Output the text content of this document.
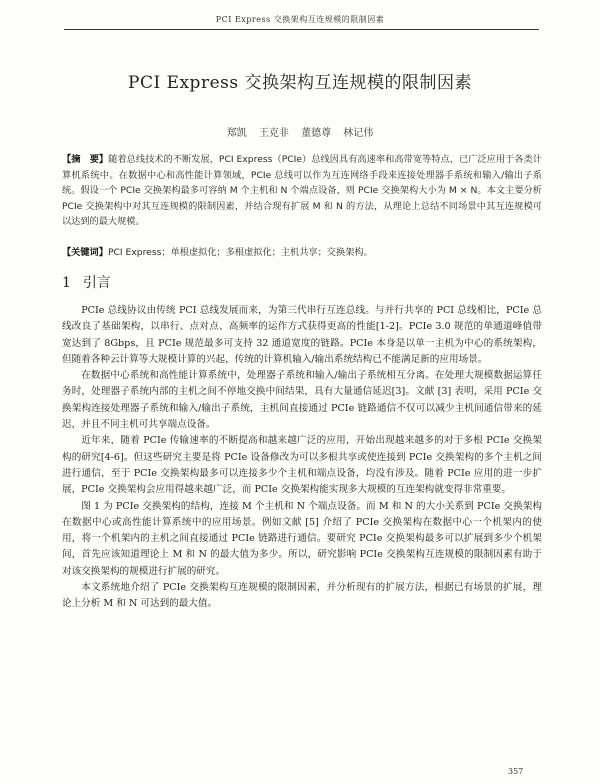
PCI Express 交换架构互连规模的限制因素
PCI Express 交换架构互连规模的限制因素
郑凯 王克非 董德尊 林记伟
【摘　要】随着总线技术的不断发展，PCI Express（PCIe）总线因具有高速率和高带宽等特点，已广泛应用于各类计算机系统中。在数据中心和高性能计算领域，PCIe 总线可以作为互连网络手段来连接处理器手系统和输入/输出子系统。假设一个 PCIe 交换架构最多可容纳 M 个主机和 N 个端点设备，则 PCIe 交换架构大小为 M × N。本文主要分析 PCIe 交换架构中对其互连规模的限制因素，并结合现有扩展 M 和 N 的方法，从理论上总结不同场景中其互连规模可以达到的最大规模。
【关键词】PCI Express；单根虚拟化；多根虚拟化；主机共享；交换架构。
1 引言

PCIe 总线协议由传统 PCI 总线发展而来，为第三代串行互连总线。与并行共享的 PCI 总线相比，PCIe 总线改良了基础架构，以串行、点对点、高频率的运作方式获得更高的性能[1-2]。PCIe 3.0 规范的单通道峰值带宽达到了 8Gbps，且 PCIe 规范最多可支持 32 通道宽度的链路。PCIe 本身是以单一主机为中心的系统架构，但随着各种云计算等大规模计算的兴起，传统的计算机输入/输出系统结构已不能满足新的应用场景。

在数据中心系统和高性能计算系统中，处理器子系统和输入/输出子系统相互分离。在处理大规模数据运算任务时，处理器子系统内部的主机之间不停地交换中间结果，具有大量通信延迟[3]。文献 [3] 表明，采用 PCIe 交换架构连接处理器子系统和输入/输出子系统，主机间直接通过 PCIe 链路通信不仅可以减少主机间通信带来的延迟，并且不同主机可共享端点设备。

近年来，随着 PCIe 传输速率的不断提高和越来越广泛的应用，开始出现越来越多的对于多根 PCIe 交换架构的研究[4-6]。但这些研究主要是将 PCIe 设备修改为可以多根共享或使连接到 PCIe 交换架构的多个主机之间进行通信，至于 PCIe 交换架构最多可以连接多少个主机和端点设备，均没有涉及。随着 PCIe 应用的进一步扩展，PCIe 交换架构会应用得越来越广泛，而 PCIe 交换架构能实现多大规模的互连架构就变得非常重要。

图 1 为 PCIe 交换架构的结构，连接 M 个主机和 N 个端点设备。而 M 和 N 的大小关系到 PCIe 交换架构在数据中心或高性能计算系统中的应用场景。例如文献 [5] 介绍了 PCIe 交换架构在数据中心一个机架内的使用，将一个机架内的主机之间直接通过 PCIe 链路进行通信。要研究 PCIe 交换架构最多可以扩展到多少个机架间，首先应该知道理论上 M 和 N 的最大值为多少。所以，研究影响 PCIe 交换架构互连规模的限制因素有助于对该交换架构的规模进行扩展的研究。

本文系统地介绍了 PCIe 交换架构互连规模的限制因素，并分析现有的扩展方法，根据已有场景的扩展，理论上分析 M 和 N 可达到的最大值。

357
